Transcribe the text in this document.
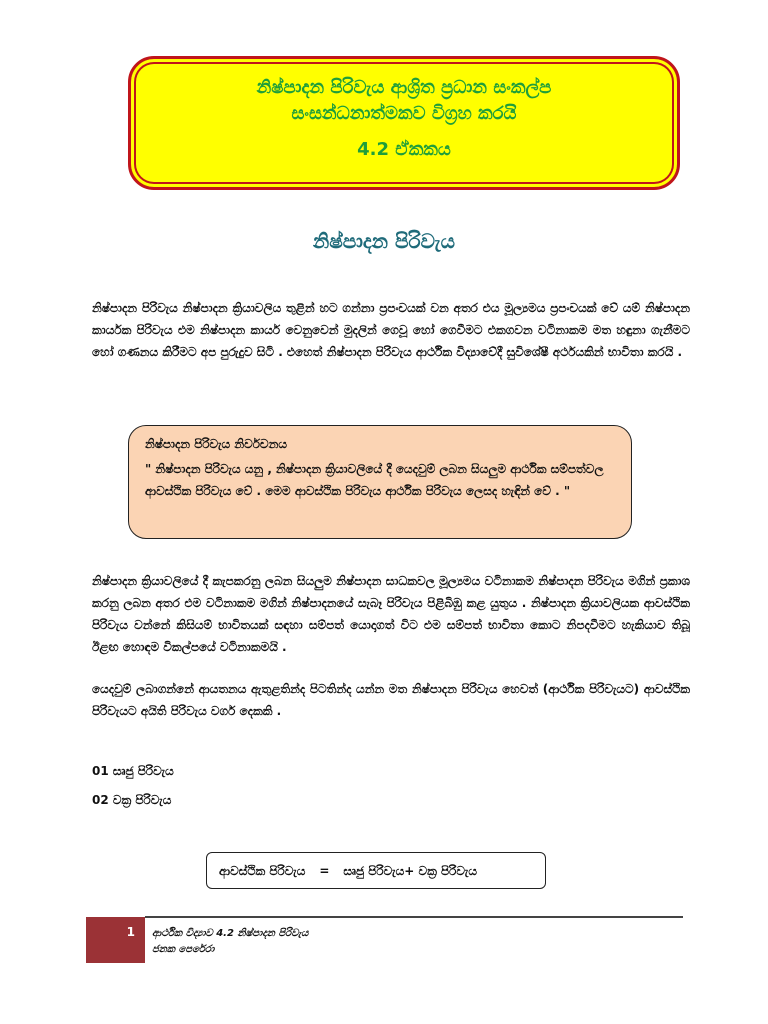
නිෂ්පාදන පිරිවැය ආශ්‍රිත ප්‍රධාන සංකල්ප
සංසන්ධනාත්මකව විග්‍රහ කරයි
4.2 ඒකකය
නිෂ්පාදන පිරිවැය
නිෂ්පාදන පිරිවැය නිෂ්පාදන ක්‍රියාවලිය තුළින් හට ගන්නා ප්‍රපංචයක් වන අතර එය මූල්‍යමය ප්‍රපංචයක් වේ යම් නිෂ්පාදන කාර්යක පිරිවැය එම නිෂ්පාදන කාර්ය වෙනුවෙන් මුදලින් ගෙවූ හෝ ගෙවීමට එකගවන වටිනාකම මත හඳුනා ගැනීමට හෝ ගණනය කිරීමට අප පුරුදුව සිටි . එහෙත් නිෂ්පාදන පිරිවැය ආර්ථික විද්‍යාවේදී සුවිශේෂී අර්ථයකින් භාවිතා කරයි .
නිෂ්පාදන පිරිවැය නිර්වචනය
" නිෂ්පාදන පිරිවැය යනු , නිෂ්පාදන ක්‍රියාවලියේ දී යෙදවුම් ලබන සියලුම ආර්ථික සම්පත්වල ආවස්ථික පිරිවැය වේ . මෙම ආවස්ථික පිරිවැය ආර්ථික පිරිවැය ලෙසද හැඳින් වේ . "
නිෂ්පාදන ක්‍රියාවලියේ දී කැපකරනු ලබන සියලුම නිෂ්පාදන සාධකවල මූල්‍යමය වටිනාකම නිෂ්පාදන පිරිවැය මගින් ප්‍රකාශ කරනු ලබන අතර එම වටිනාකම මගින් නිෂ්පාදනයේ සැබෑ පිරිවැය පිළිබිඹු කළ යුතුය . නිෂ්පාදන ක්‍රියාවලියක ආවස්ථික පිරිවැය වන්නේ කිසියම් භාවිතයක් සඳහා සම්පත් යොදාගත් විට එම සම්පත් භාවිතා කොට නිපදවීමට හැකියාව තිබූ ඊළඟ හොඳම විකල්පයේ වටිනාකමයි .
යෙදවුම් ලබාගන්නේ ආයතනය ඇතුළතින්ද පිටතින්ද යන්න මත නිෂ්පාදන පිරිවැය හෙවත් (ආර්ථික පිරිවැයට) ආවස්ථික පිරිවැයට අයිති පිරිවැය වර්ග දෙකකි .
01 සෘජු පිරිවැය
02 වක්‍ර පිරිවැය
ආවස්ථික පිරිවැය = සෘජු පිරිවැය+ වක්‍ර පිරිවැය
1 ආර්ථික විද්‍යාව 4.2 නිෂ්පාදන පිරිවැය
ජනක පෙරේරා
